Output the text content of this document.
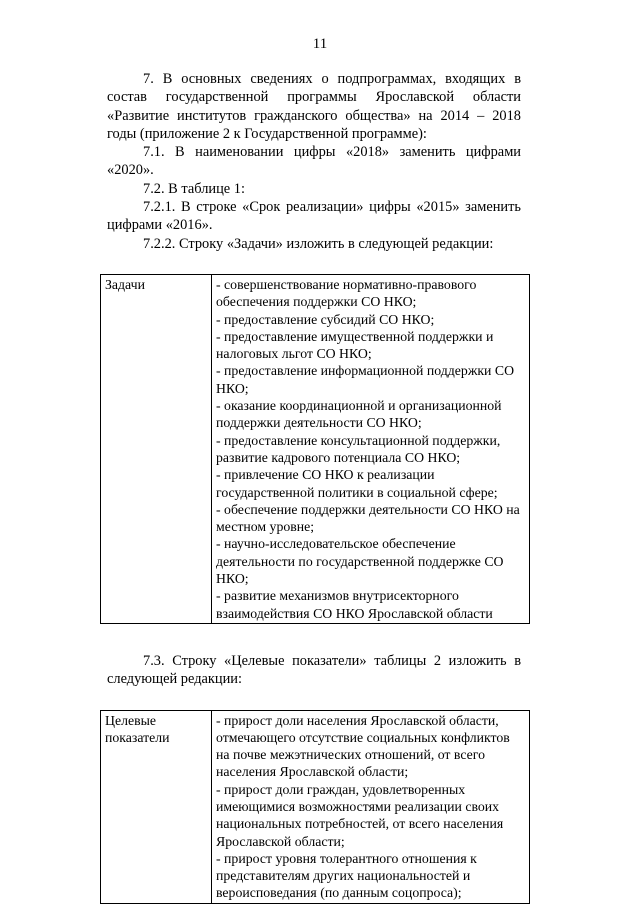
11

7. В основных сведениях о подпрограммах, входящих в состав государственной программы Ярославской области «Развитие институтов гражданского общества» на 2014 – 2018 годы (приложение 2 к Государственной программе):

7.1. В наименовании цифры «2018» заменить цифрами «2020».

7.2. В таблице 1:

7.2.1. В строке «Срок реализации» цифры «2015» заменить цифрами «2016».

7.2.2. Строку «Задачи» изложить в следующей редакции:

Задачи	- совершенствование нормативно-правового обеспечения поддержки СО НКО;
- предоставление субсидий СО НКО;
- предоставление имущественной поддержки и налоговых льгот СО НКО;
- предоставление информационной поддержки СО НКО;
- оказание координационной и организационной поддержки деятельности СО НКО;
- предоставление консультационной поддержки, развитие кадрового потенциала СО НКО;
- привлечение СО НКО к реализации государственной политики в социальной сфере;
- обеспечение поддержки деятельности СО НКО на местном уровне;
- научно-исследовательское обеспечение деятельности по государственной поддержке СО НКО;
- развитие механизмов внутрисекторного взаимодействия СО НКО Ярославской области

7.3. Строку «Целевые показатели» таблицы 2 изложить в следующей редакции:

Целевые показатели	
- прирост доли населения Ярославской области, отмечающего отсутствие социальных конфликтов на почве межэтнических отношений, от всего населения Ярославской области;
- прирост доли граждан, удовлетворенных имеющимися возможностями реализации своих национальных потребностей, от всего населения Ярославской области;
- прирост уровня толерантного отношения к представителям других национальностей и вероисповедания (по данным соцопроса);
